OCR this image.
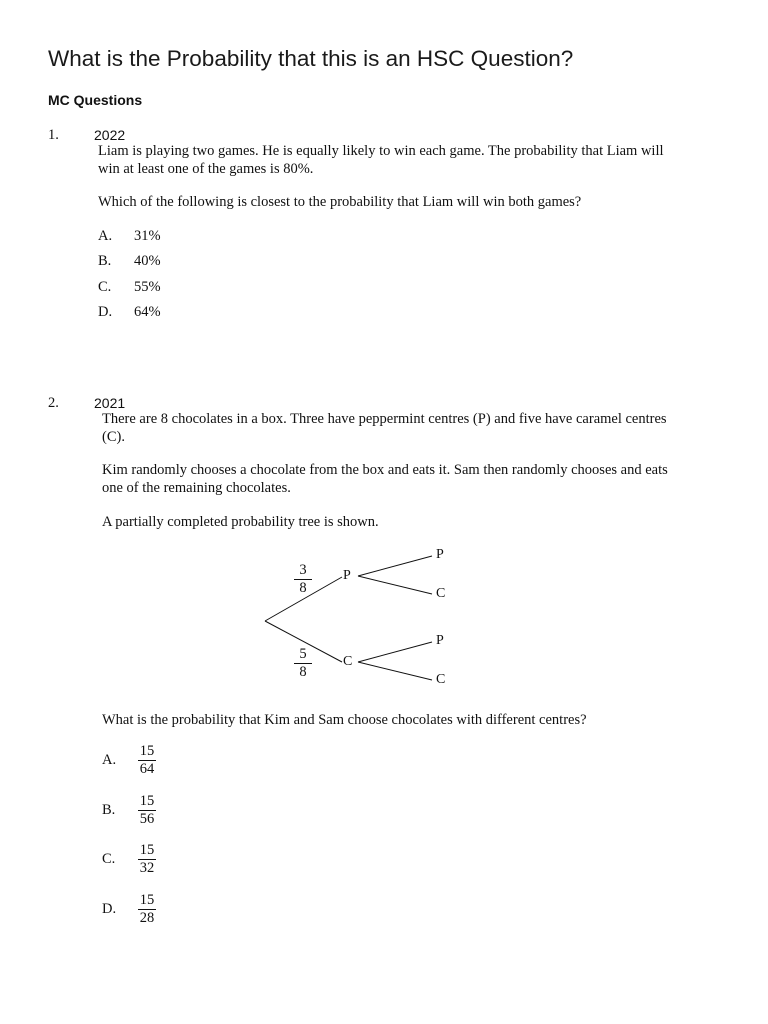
What is the Probability that this is an HSC Question?
MC Questions
1.	2022
Liam is playing two games. He is equally likely to win each game. The probability that Liam will win at least one of the games is 80%.
Which of the following is closest to the probability that Liam will win both games?
A. 31%
B. 40%
C. 55%
D. 64%
2.	2021
There are 8 chocolates in a box. Three have peppermint centres (P) and five have caramel centres (C).
Kim randomly chooses a chocolate from the box and eats it. Sam then randomly chooses and eats one of the remaining chocolates.
A partially completed probability tree is shown.
3
8
5
8
P
C
P
C
P
C
What is the probability that Kim and Sam choose chocolates with different centres?
A.
15
64
B.
15
56
C.
15
32
D.
15
28
